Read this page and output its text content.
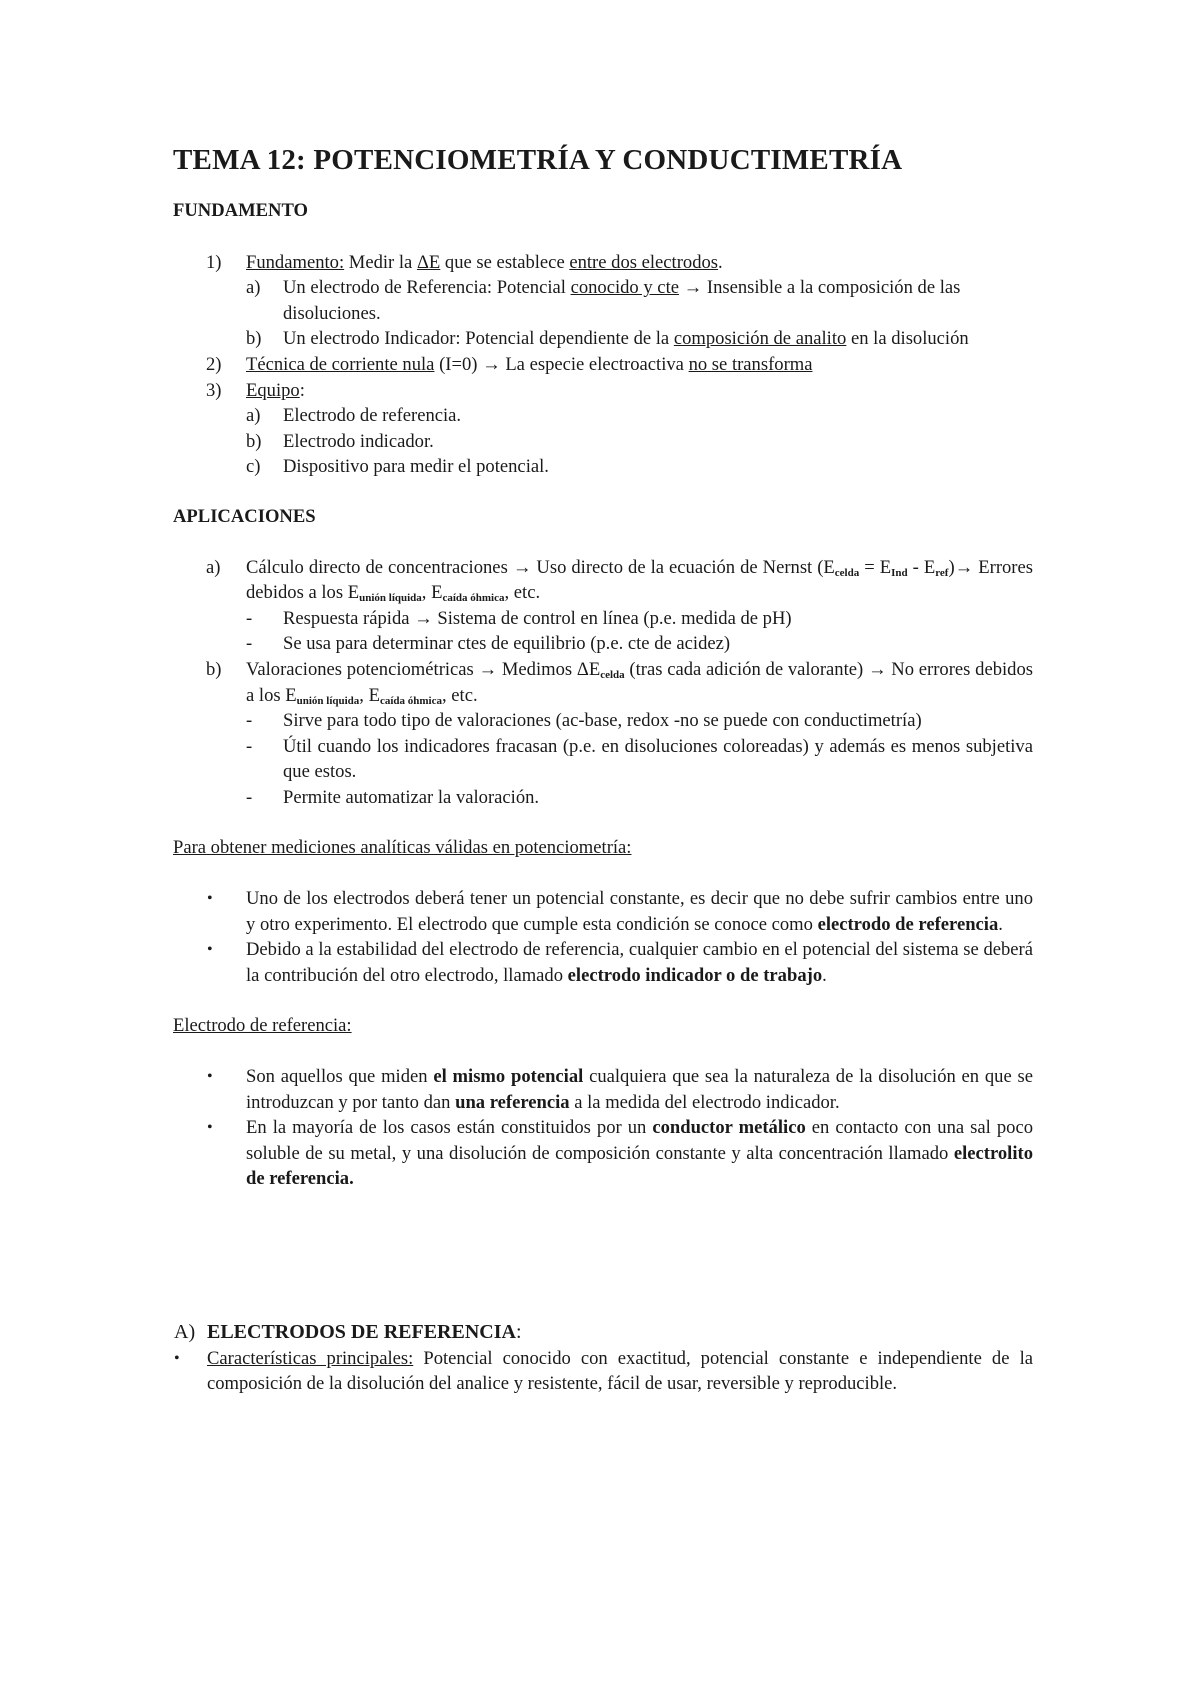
TEMA 12: POTENCIOMETRÍA Y CONDUCTIMETRÍA

FUNDAMENTO

1) Fundamento: Medir la ΔE que se establece entre dos electrodos.
a) Un electrodo de Referencia: Potencial conocido y cte → Insensible a la composición de las disoluciones.
b) Un electrodo Indicador: Potencial dependiente de la composición de analito en la disolución
2) Técnica de corriente nula (I=0) → La especie electroactiva no se transforma
3) Equipo:
a) Electrodo de referencia.
b) Electrodo indicador.
c) Dispositivo para medir el potencial.

APLICACIONES

a) Cálculo directo de concentraciones → Uso directo de la ecuación de Nernst $(E_{celda} = E_{Ind} - E_{ref})\to$ Errores debidos a los $E_{unión líquida}$, $E_{caída óhmica}$, etc.
- Respuesta rápida → Sistema de control en línea (p.e. medida de pH)
- Se usa para determinar ctes de equilibrio (p.e. cte de acidez)
b) Valoraciones potenciométricas → Medimos $\Delta E_{celda}$ (tras cada adición de valorante) → No errores debidos a los $E_{unión líquida}$, $E_{caída óhmica}$, etc.
- Sirve para todo tipo de valoraciones (ac-base, redox -no se puede con conductimetría)
- Útil cuando los indicadores fracasan (p.e. en disoluciones coloreadas) y además es menos subjetiva que estos.
- Permite automatizar la valoración.

Para obtener mediciones analíticas válidas en potenciometría:

• Uno de los electrodos deberá tener un potencial constante, es decir que no debe sufrir cambios entre uno y otro experimento. El electrodo que cumple esta condición se conoce como electrodo de referencia.
• Debido a la estabilidad del electrodo de referencia, cualquier cambio en el potencial del sistema se deberá la contribución del otro electrodo, llamado electrodo indicador o de trabajo.

Electrodo de referencia:

• Son aquellos que miden el mismo potencial cualquiera que sea la naturaleza de la disolución en que se introduzcan y por tanto dan una referencia a la medida del electrodo indicador.
• En la mayoría de los casos están constituidos por un conductor metálico en contacto con una sal poco soluble de su metal, y una disolución de composición constante y alta concentración llamado electrolito de referencia.

A) ELECTRODOS DE REFERENCIA:

• Características principales: Potencial conocido con exactitud, potencial constante e independiente de la composición de la disolución del analice y resistente, fácil de usar, reversible y reproducible.
